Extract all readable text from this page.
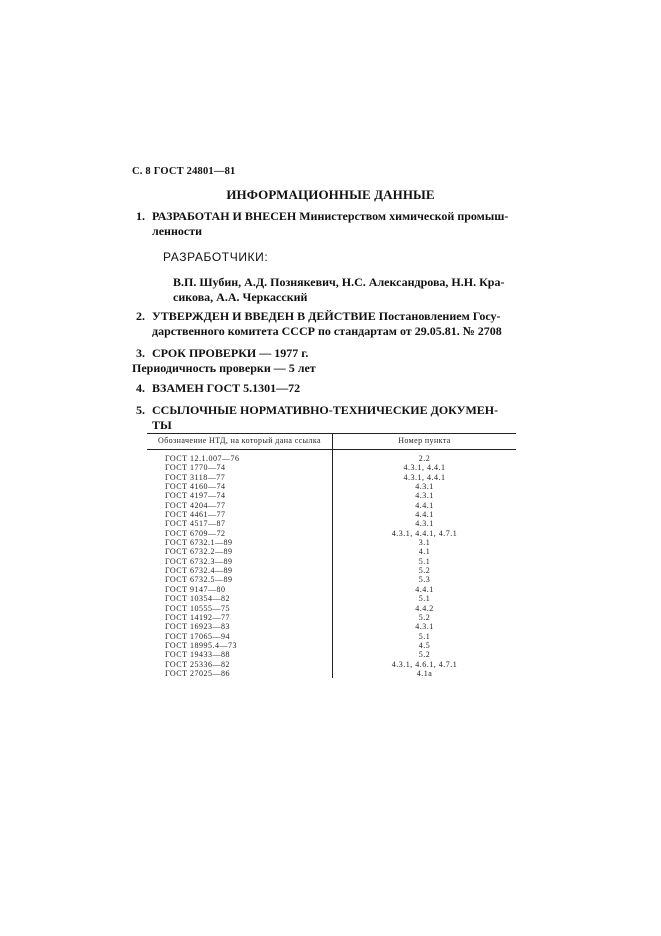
С. 8 ГОСТ 24801—81
ИНФОРМАЦИОННЫЕ ДАННЫЕ
1. РАЗРАБОТАН И ВНЕСЕН Министерством химической промыш-
ленности
РАЗРАБОТЧИКИ:
В.П. Шубин, А.Д. Познякевич, Н.С. Александрова, Н.Н. Кра-
сикова, А.А. Черкасский
2. УТВЕРЖДЕН И ВВЕДЕН В ДЕЙСТВИЕ Постановлением Госу-
дарственного комитета СССР по стандартам от 29.05.81. № 2708
3. СРОК ПРОВЕРКИ — 1977 г.
Периодичность проверки — 5 лет
4. ВЗАМЕН ГОСТ 5.1301—72
5. ССЫЛОЧНЫЕ НОРМАТИВНО-ТЕХНИЧЕСКИЕ ДОКУМЕН-
ТЫ
Обозначение НТД, на который дана ссылка	Номер пункта
ГОСТ 12.1.007—76	2.2
ГОСТ 1770—74	4.3.1, 4.4.1
ГОСТ 3118—77	4.3.1, 4.4.1
ГОСТ 4160—74	4.3.1
ГОСТ 4197—74	4.3.1
ГОСТ 4204—77	4.4.1
ГОСТ 4461—77	4.4.1
ГОСТ 4517—87	4.3.1
ГОСТ 6709—72	4.3.1, 4.4.1, 4.7.1
ГОСТ 6732.1—89	3.1
ГОСТ 6732.2—89	4.1
ГОСТ 6732.3—89	5.1
ГОСТ 6732.4—89	5.2
ГОСТ 6732.5—89	5.3
ГОСТ 9147—80	4.4.1
ГОСТ 10354—82	5.1
ГОСТ 10555—75	4.4.2
ГОСТ 14192—77	5.2
ГОСТ 16923—83	4.3.1
ГОСТ 17065—94	5.1
ГОСТ 18995.4—73	4.5
ГОСТ 19433—88	5.2
ГОСТ 25336—82	4.3.1, 4.6.1, 4.7.1
ГОСТ 27025—86	4.1а
